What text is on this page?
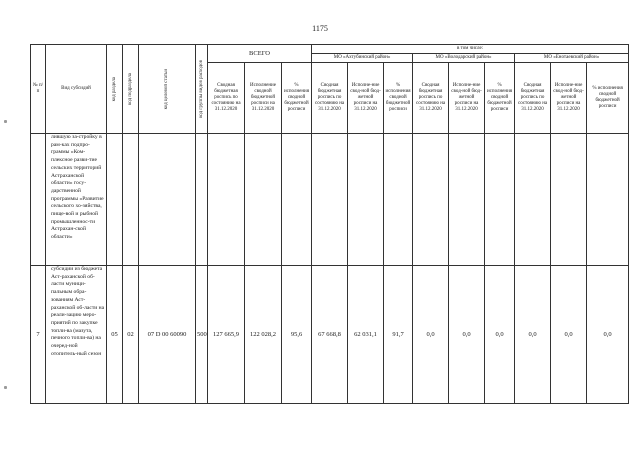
1175
№ п/п	Вид субсидий	код раздела	код подраздела	код целевой статьи	код группы видов расходов	ВСЕГО			в том числе:								
									МО «Ахтубинский район»			МО «Володарский район»			МО «Енотаевский район»		
						Сводная бюджетная роспись по состоянию на 31.12.2020	Исполнение сводной бюджетной росписи на 31.12.2020	% исполнения сводной бюджетной росписи	Сводная бюджетная роспись по состоянию на 31.12.2020	Исполне-ние свод-ной бюд-жетной росписи на 31.12.2020	% исполнения сводной бюджетной росписи	Сводная бюджетная роспись по состоянию на 31.12.2020	Исполне-ние свод-ной бюд-жетной росписи на 31.12.2020	% исполнения сводной бюджетной росписи	Сводная бюджетная роспись по состоянию на 31.12.2020	Исполне-ние свод-ной бюд-жетной росписи на 31.12.2020	% исполнения сводной бюджетной росписи
	лившую за-стройку в рам-ках подпро-граммы «Ком-плексное разви-тие сельских территорий Астраханской области» госу-дарственной программы «Развитие сельского хо-зяйства, пище-вой и рыбной промышленнос-ти Астрахан-ской области»																
7	субсидии из бюджета Аст-раханской об-ласти муници-пальным обра-зованиям Аст-раханской об-ласти на реали-зацию меро-приятий по закупке топли-ва (мазута, печного топли-ва) на очеред-ной отопитель-ный сезон	05	02	07 D 00 60090	500	127 665,9	122 028,2	95,6	67 668,8	62 031,1	91,7	0,0	0,0	0,0	0,0	0,0	0,0
